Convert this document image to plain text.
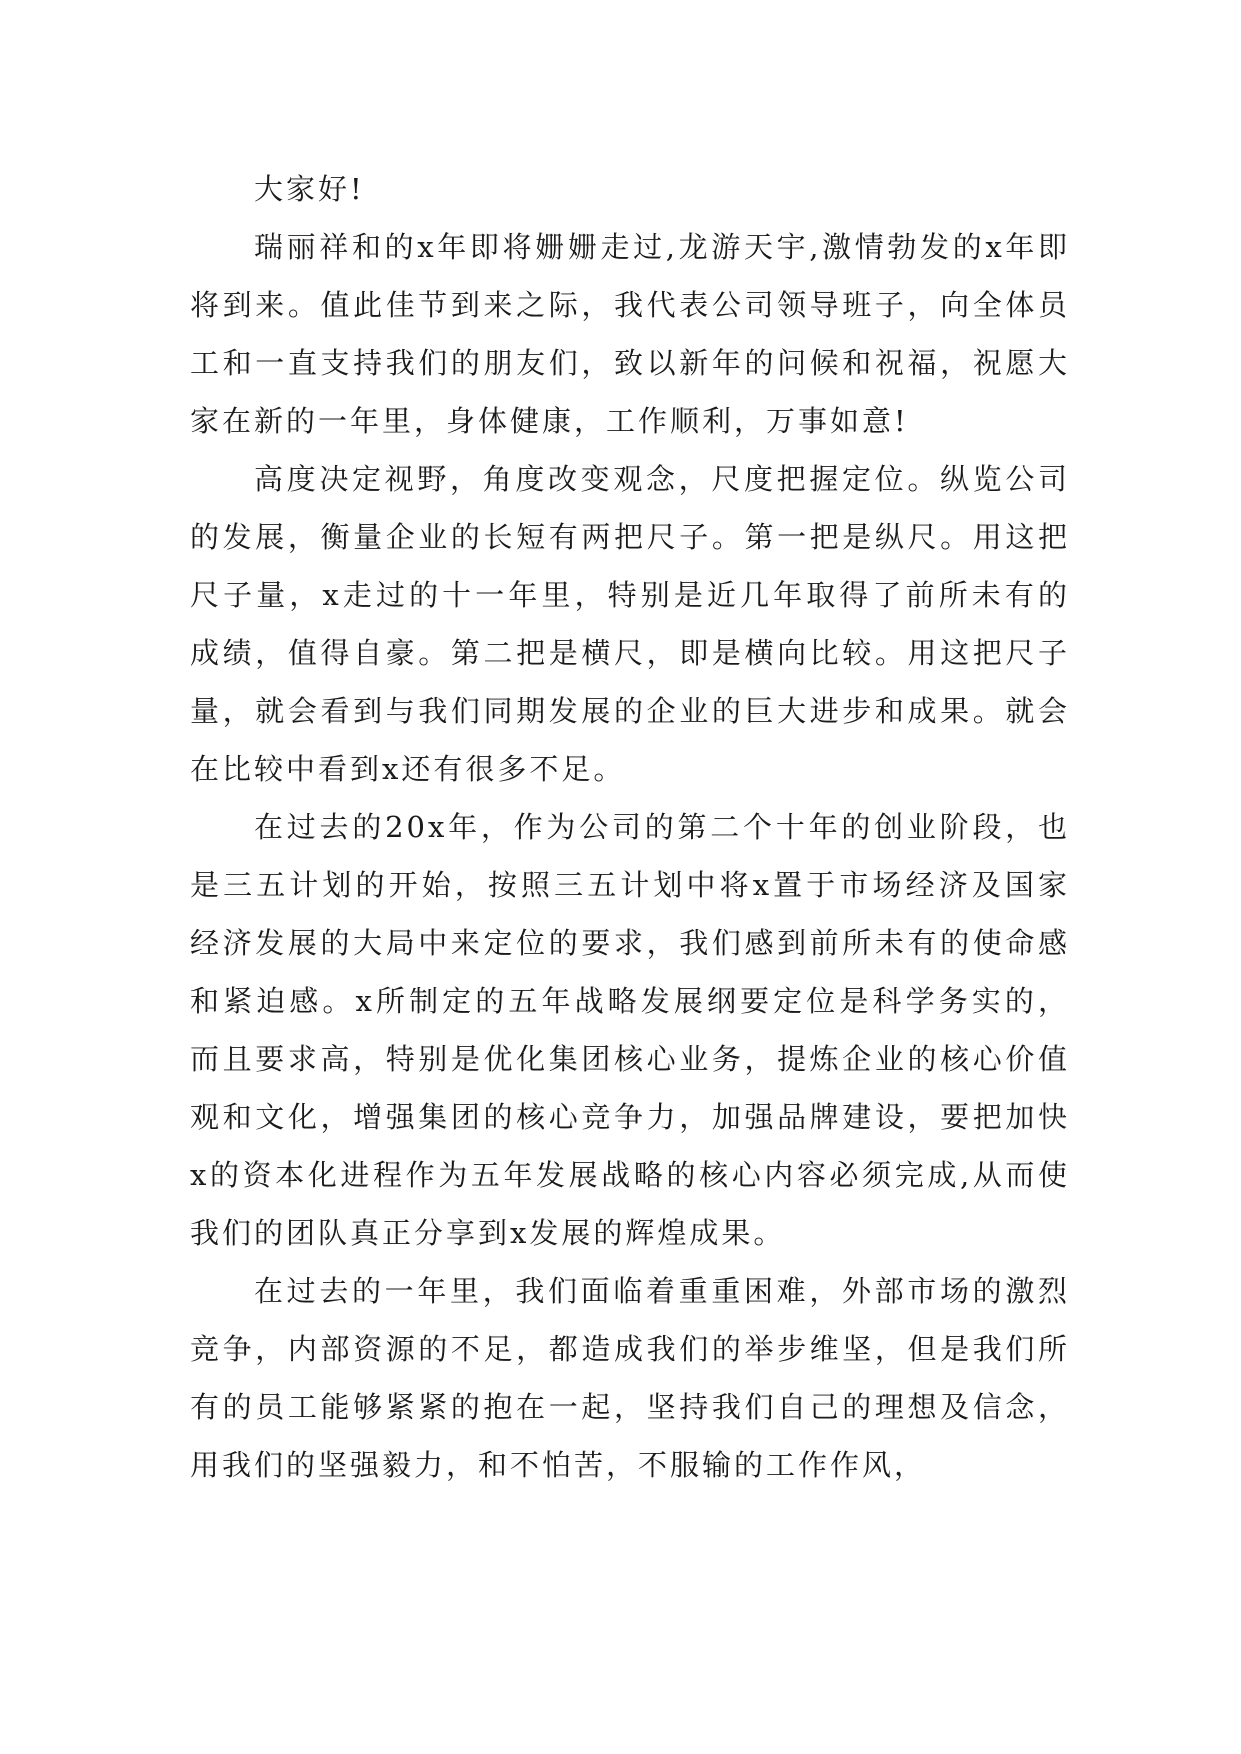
大家好!

瑞丽祥和的x年即将姗姗走过,龙游天宇,激情勃发的x年即将到来。值此佳节到来之际，我代表公司领导班子，向全体员工和一直支持我们的朋友们，致以新年的问候和祝福，祝愿大家在新的一年里，身体健康，工作顺利，万事如意!

高度决定视野，角度改变观念，尺度把握定位。纵览公司的发展，衡量企业的长短有两把尺子。第一把是纵尺。用这把尺子量，x走过的十一年里，特别是近几年取得了前所未有的成绩，值得自豪。第二把是横尺，即是横向比较。用这把尺子量，就会看到与我们同期发展的企业的巨大进步和成果。就会在比较中看到x还有很多不足。

在过去的20x年，作为公司的第二个十年的创业阶段，也是三五计划的开始，按照三五计划中将x置于市场经济及国家经济发展的大局中来定位的要求，我们感到前所未有的使命感和紧迫感。x所制定的五年战略发展纲要定位是科学务实的，而且要求高，特别是优化集团核心业务，提炼企业的核心价值观和文化，增强集团的核心竞争力，加强品牌建设，要把加快x的资本化进程作为五年发展战略的核心内容必须完成,从而使我们的团队真正分享到x发展的辉煌成果。

在过去的一年里，我们面临着重重困难，外部市场的激烈竞争，内部资源的不足，都造成我们的举步维坚，但是我们所有的员工能够紧紧的抱在一起，坚持我们自己的理想及信念，用我们的坚强毅力，和不怕苦，不服输的工作作风，
